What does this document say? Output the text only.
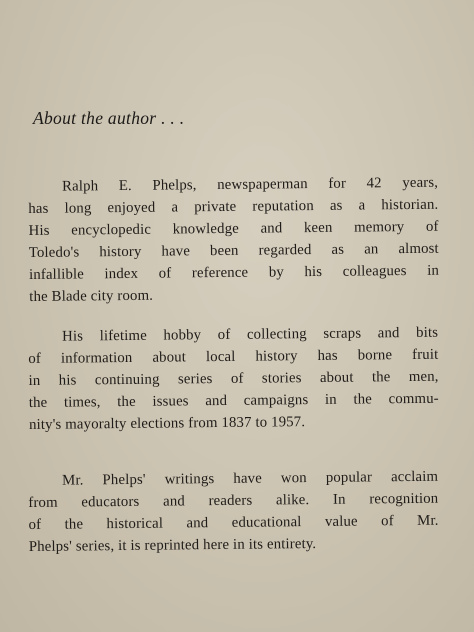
About the author . . .
Ralph E. Phelps, newspaperman for 42 years,
has long enjoyed a private reputation as a historian.
His encyclopedic knowledge and keen memory of
Toledo's history have been regarded as an almost
infallible index of reference by his colleagues in
the Blade city room.
His lifetime hobby of collecting scraps and bits
of information about local history has borne fruit
in his continuing series of stories about the men,
the times, the issues and campaigns in the commu-
nity's mayoralty elections from 1837 to 1957.
Mr. Phelps' writings have won popular acclaim
from educators and readers alike. In recognition
of the historical and educational value of Mr.
Phelps' series, it is reprinted here in its entirety.
